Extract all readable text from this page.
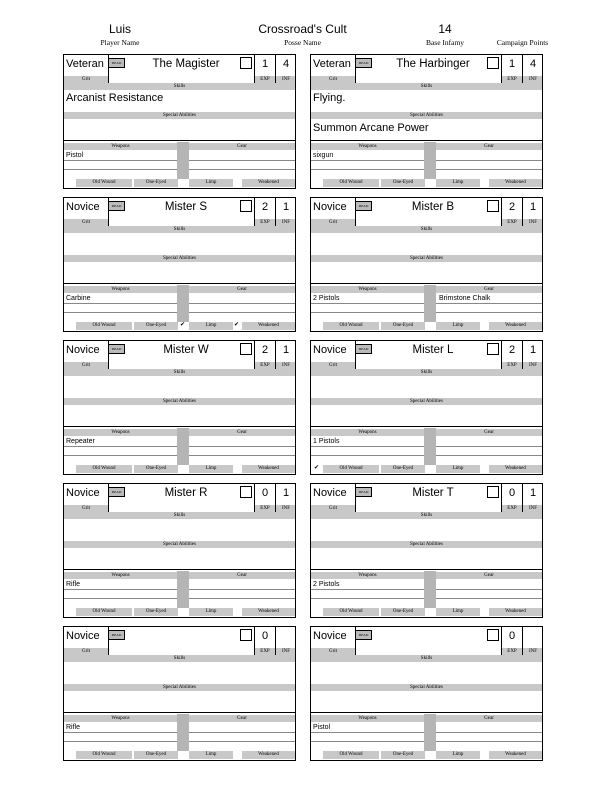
Luis
Player Name
Crossroad's Cult
Posse Name
14
Base Infamy
	Campaign Points
Veteran
Grit
DEAD	The Magister	1
EXP
4
INF
Skills
Arcanist Resistance
Special Abilities
Weapons	Gear
Pistol
Old Wound	One-Eyed	Limp	Weakened
Veteran
Grit
DEAD	The Harbinger	1
EXP
4
INF
Skills
Flying.
Special Abilities
Summon Arcane Power
Weapons	Gear
sixgun
Old Wound	One-Eyed	Limp	Weakened
Novice
Grit
DEAD	Mister S	2
EXP
1
INF
Skills
Special Abilities
Weapons	Gear
Carbine
Old Wound	One-Eyed	Limp	Weakened
✔	✔
Novice
Grit
DEAD	Mister B	2
EXP
1
INF
Skills
Special Abilities
Weapons	Gear
2 Pistols	Brimstone Chalk
Old Wound	One-Eyed	Limp	Weakened
Novice
Grit
DEAD	Mister W	2
EXP
1
INF
Skills
Special Abilities
Weapons	Gear
Repeater
Old Wound	One-Eyed	Limp	Weakened
Novice
Grit
DEAD	Mister L	2
EXP
1
INF
Skills
Special Abilities
Weapons	Gear
1 Pistols
Old Wound	One-Eyed	Limp	Weakened
✔
Novice
Grit
DEAD	Mister R	0
EXP
1
INF
Skills
Special Abilities
Weapons	Gear
Rifle
Old Wound	One-Eyed	Limp	Weakened
Novice
Grit
DEAD	Mister T	0
EXP
1
INF
Skills
Special Abilities
Weapons	Gear
2 Pistols
Old Wound	One-Eyed	Limp	Weakened
Novice
Grit
DEAD	0
EXP	INF
Skills
Special Abilities
Weapons	Gear
Rifle
Old Wound	One-Eyed	Limp	Weakened
Novice
Grit
DEAD	0
EXP	INF
Skills
Special Abilities
Weapons	Gear
Pistol
Old Wound	One-Eyed	Limp	Weakened
